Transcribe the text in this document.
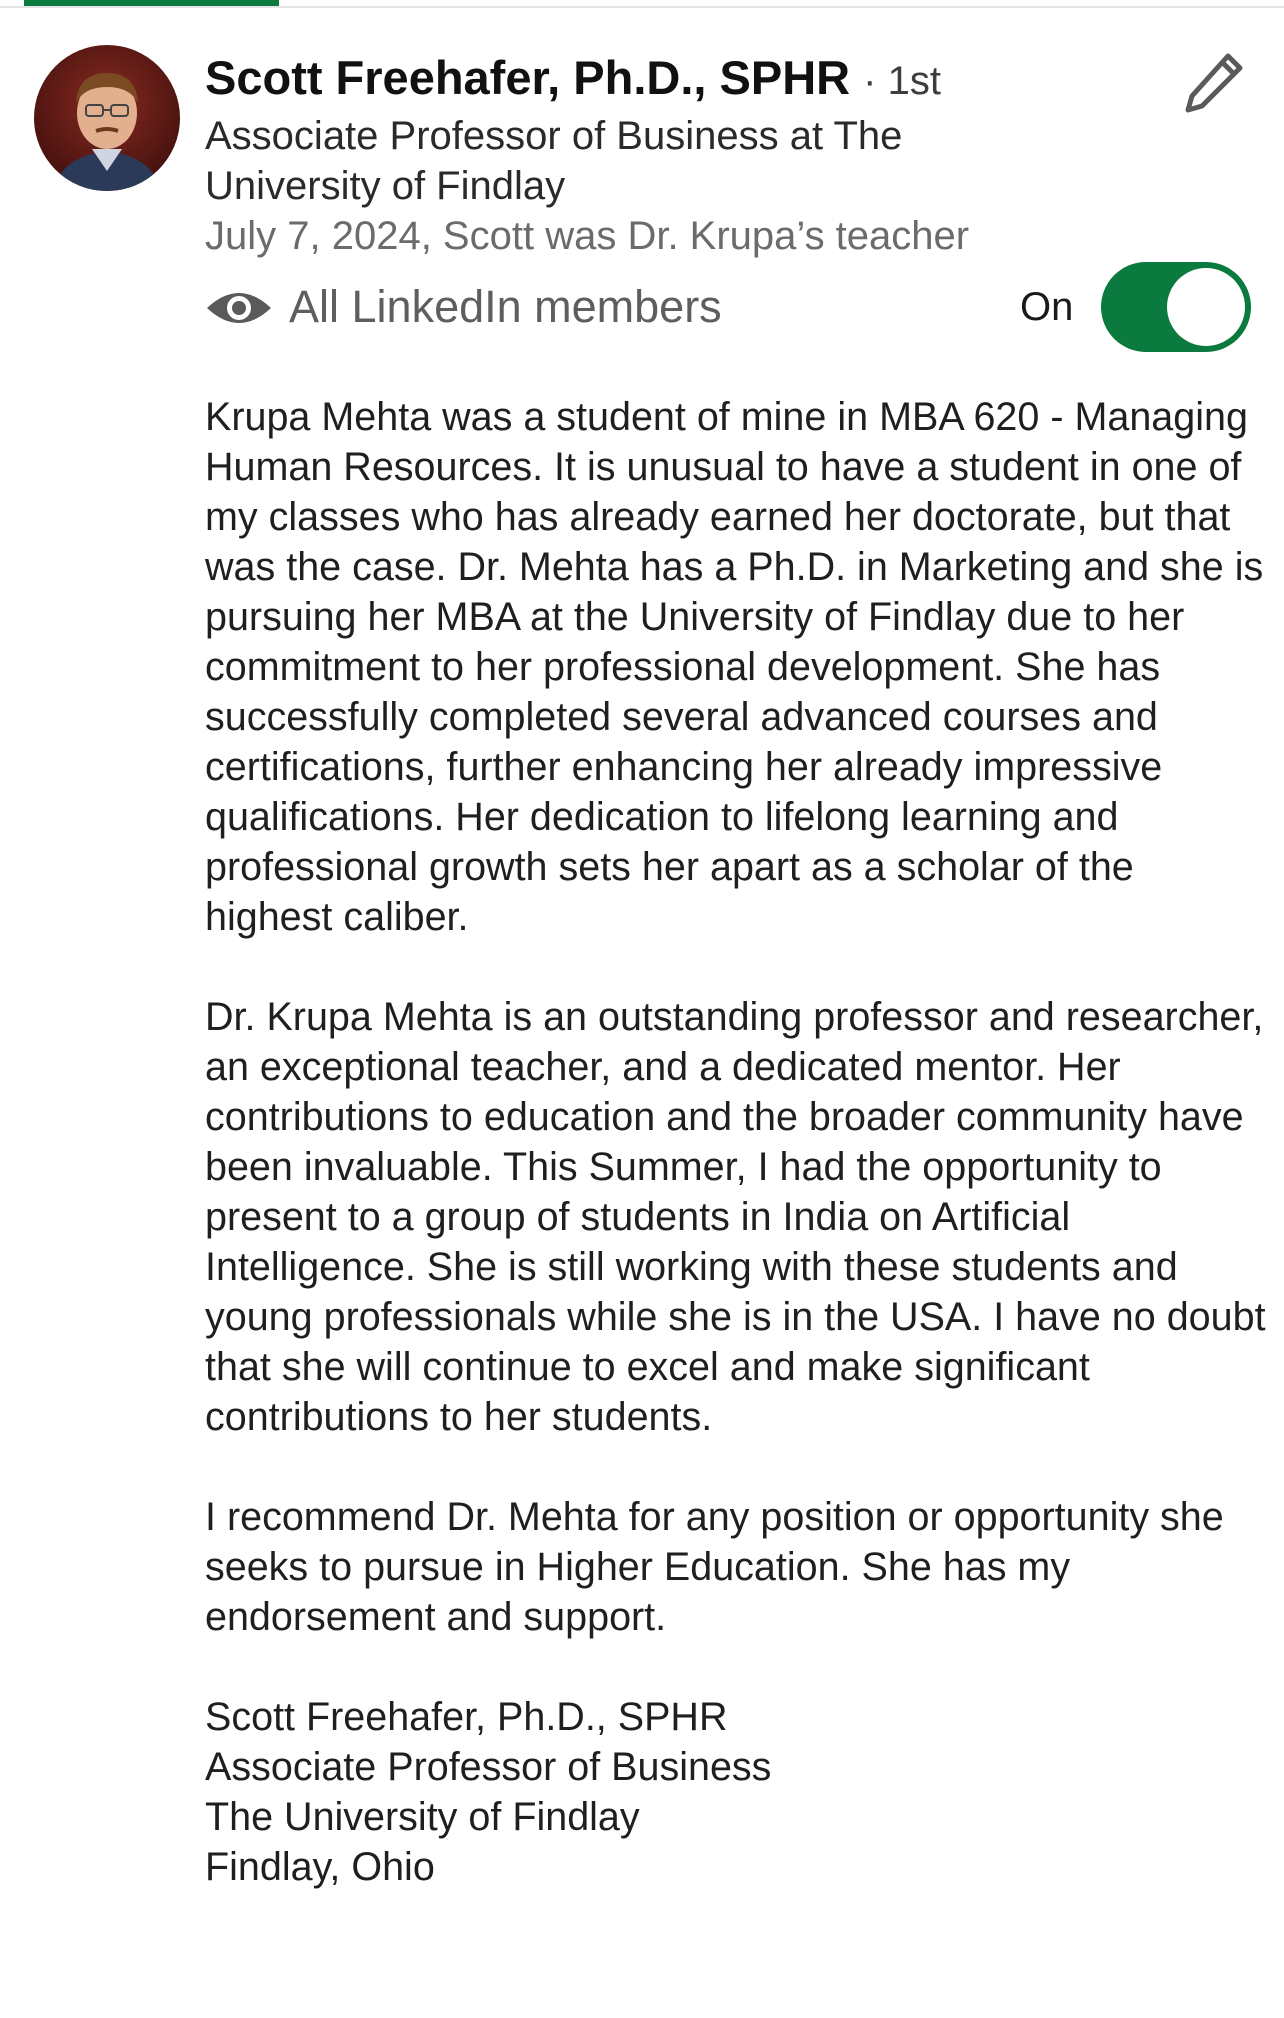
Scott Freehafer, Ph.D., SPHR · 1st
Associate Professor of Business at The University of Findlay
July 7, 2024, Scott was Dr. Krupa’s teacher
All LinkedIn members	On

Krupa Mehta was a student of mine in MBA 620 - Managing Human Resources. It is unusual to have a student in one of my classes who has already earned her doctorate, but that was the case. Dr. Mehta has a Ph.D. in Marketing and she is pursuing her MBA at the University of Findlay due to her commitment to her professional development. She has successfully completed several advanced courses and certifications, further enhancing her already impressive qualifications. Her dedication to lifelong learning and professional growth sets her apart as a scholar of the highest caliber.

Dr. Krupa Mehta is an outstanding professor and researcher, an exceptional teacher, and a dedicated mentor. Her contributions to education and the broader community have been invaluable. This Summer, I had the opportunity to present to a group of students in India on Artificial Intelligence. She is still working with these students and young professionals while she is in the USA. I have no doubt that she will continue to excel and make significant contributions to her students.

I recommend Dr. Mehta for any position or opportunity she seeks to pursue in Higher Education. She has my endorsement and support.

Scott Freehafer, Ph.D., SPHR
Associate Professor of Business
The University of Findlay
Findlay, Ohio
